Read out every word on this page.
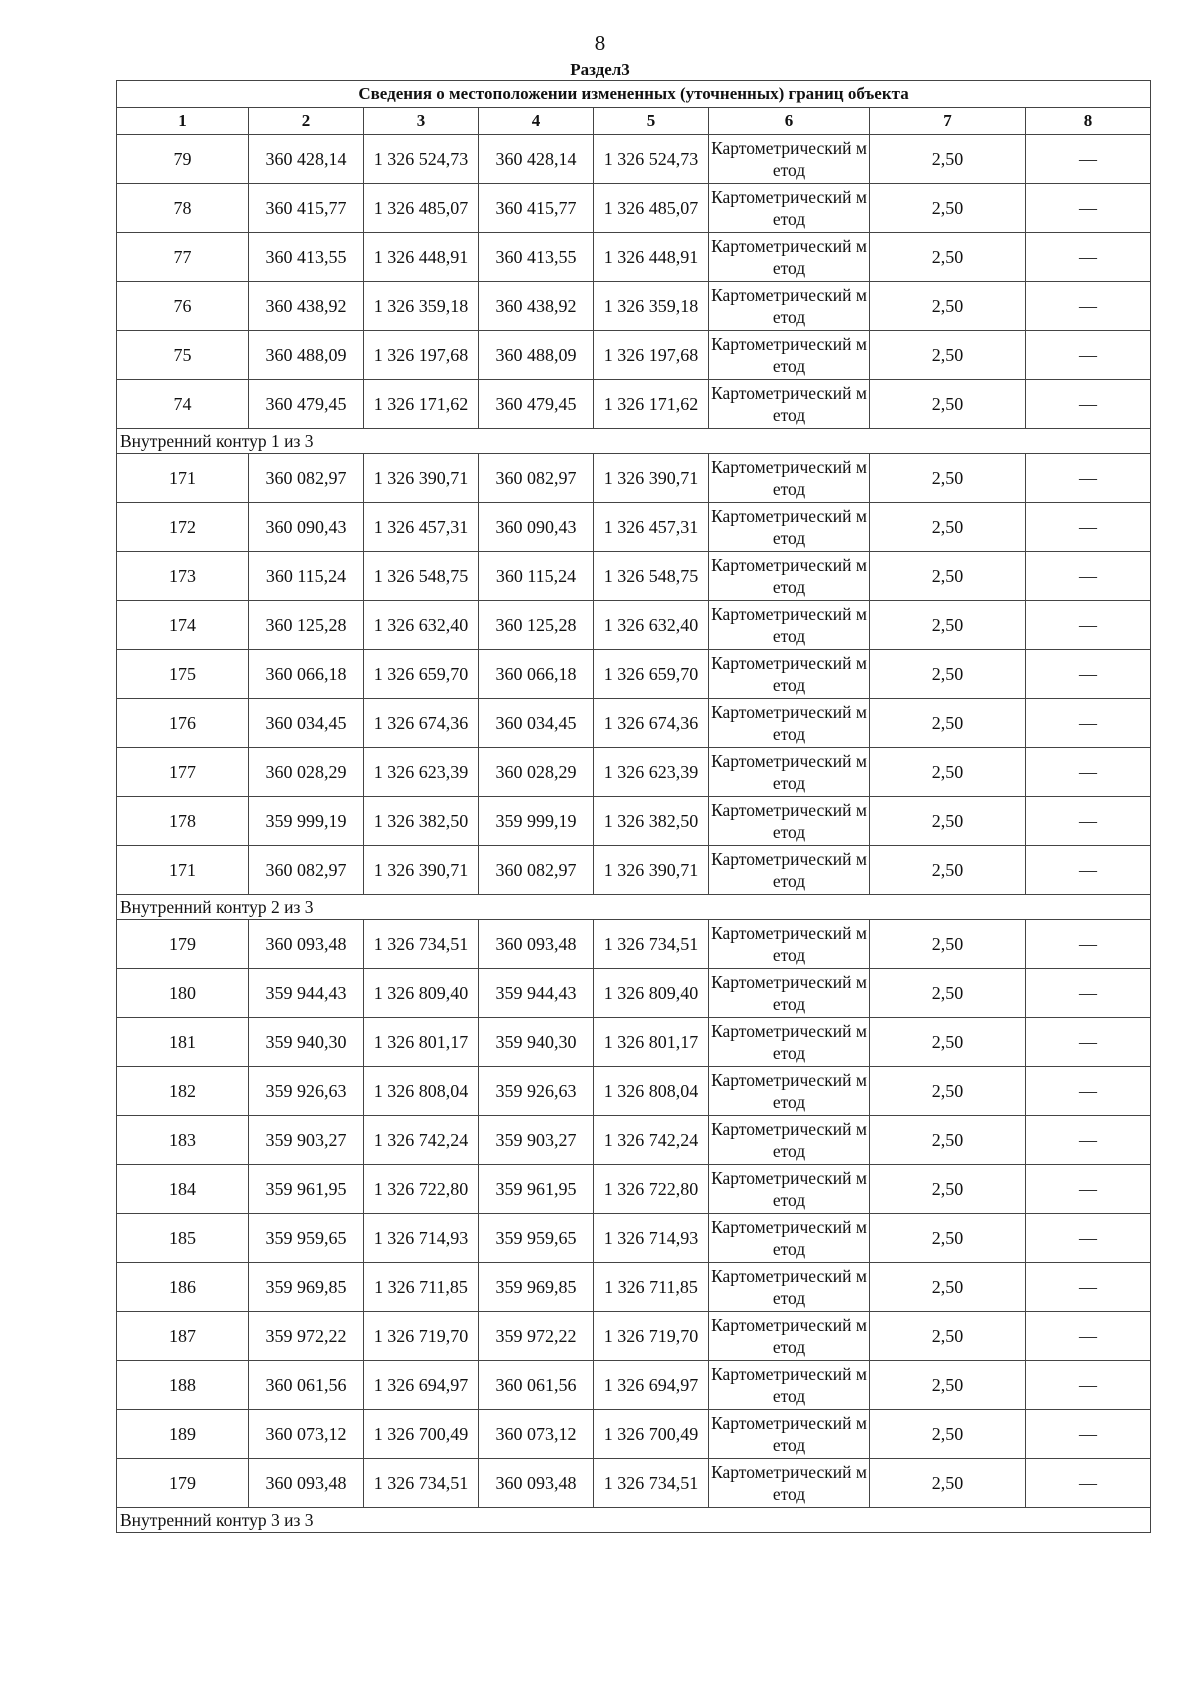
8
Раздел3
Сведения о местоположении измененных (уточненных) границ объекта							
1	2	3	4	5	6	7	8
79	360 428,14	1 326 524,73	360 428,14	1 326 524,73	Картометрический метод	2,50	—
78	360 415,77	1 326 485,07	360 415,77	1 326 485,07	Картометрический метод	2,50	—
77	360 413,55	1 326 448,91	360 413,55	1 326 448,91	Картометрический метод	2,50	—
76	360 438,92	1 326 359,18	360 438,92	1 326 359,18	Картометрический метод	2,50	—
75	360 488,09	1 326 197,68	360 488,09	1 326 197,68	Картометрический метод	2,50	—
74	360 479,45	1 326 171,62	360 479,45	1 326 171,62	Картометрический метод	2,50	—
Внутренний контур 1 из 3							
171	360 082,97	1 326 390,71	360 082,97	1 326 390,71	Картометрический метод	2,50	—
172	360 090,43	1 326 457,31	360 090,43	1 326 457,31	Картометрический метод	2,50	—
173	360 115,24	1 326 548,75	360 115,24	1 326 548,75	Картометрический метод	2,50	—
174	360 125,28	1 326 632,40	360 125,28	1 326 632,40	Картометрический метод	2,50	—
175	360 066,18	1 326 659,70	360 066,18	1 326 659,70	Картометрический метод	2,50	—
176	360 034,45	1 326 674,36	360 034,45	1 326 674,36	Картометрический метод	2,50	—
177	360 028,29	1 326 623,39	360 028,29	1 326 623,39	Картометрический метод	2,50	—
178	359 999,19	1 326 382,50	359 999,19	1 326 382,50	Картометрический метод	2,50	—
171	360 082,97	1 326 390,71	360 082,97	1 326 390,71	Картометрический метод	2,50	—
Внутренний контур 2 из 3							
179	360 093,48	1 326 734,51	360 093,48	1 326 734,51	Картометрический метод	2,50	—
180	359 944,43	1 326 809,40	359 944,43	1 326 809,40	Картометрический метод	2,50	—
181	359 940,30	1 326 801,17	359 940,30	1 326 801,17	Картометрический метод	2,50	—
182	359 926,63	1 326 808,04	359 926,63	1 326 808,04	Картометрический метод	2,50	—
183	359 903,27	1 326 742,24	359 903,27	1 326 742,24	Картометрический метод	2,50	—
184	359 961,95	1 326 722,80	359 961,95	1 326 722,80	Картометрический метод	2,50	—
185	359 959,65	1 326 714,93	359 959,65	1 326 714,93	Картометрический метод	2,50	—
186	359 969,85	1 326 711,85	359 969,85	1 326 711,85	Картометрический метод	2,50	—
187	359 972,22	1 326 719,70	359 972,22	1 326 719,70	Картометрический метод	2,50	—
188	360 061,56	1 326 694,97	360 061,56	1 326 694,97	Картометрический метод	2,50	—
189	360 073,12	1 326 700,49	360 073,12	1 326 700,49	Картометрический метод	2,50	—
179	360 093,48	1 326 734,51	360 093,48	1 326 734,51	Картометрический метод	2,50	—
Внутренний контур 3 из 3							
